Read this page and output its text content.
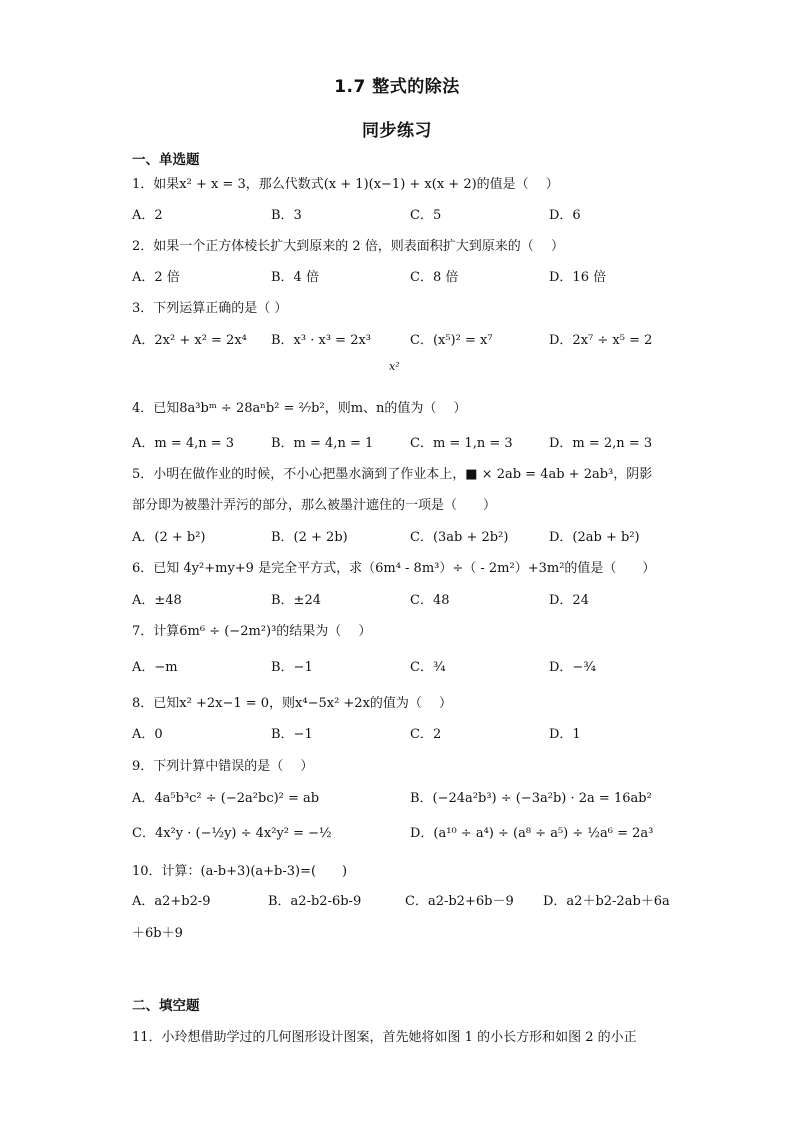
1.7 整式的除法
同步练习
一、单选题
1．如果x² + x = 3，那么代数式(x + 1)(x−1) + x(x + 2)的值是（　 ）
A．2	B．3	C．5	D．6
2．如果一个正方体棱长扩大到原来的 2 倍，则表面积扩大到原来的（　 ）
A．2 倍	B．4 倍	C．8 倍	D．16 倍
3．下列运算正确的是（ ）
A．2x² + x² = 2x⁴ B．x³ · x³ = 2x³	C．(x⁵)² = x⁷	D．2x⁷ ÷ x⁵ = 2
x²
4．已知8a³bᵐ ÷ 28aⁿb² = ²⁄₇b²，则m、n的值为（　 ）
A．m = 4,n = 3	B．m = 4,n = 1	C．m = 1,n = 3	D．m = 2,n = 3
5．小明在做作业的时候，不小心把墨水滴到了作业本上，■ × 2ab = 4ab + 2ab³，阴影
部分即为被墨汁弄污的部分，那么被墨汁遮住的一项是（　　）
A．(2 + b²)	B．(2 + 2b)	C．(3ab + 2b²)	D．(2ab + b²)
6．已知 4y²+my+9 是完全平方式，求（6m⁴ - 8m³）÷（ - 2m²）+3m²的值是（　　）
A．±48	B．±24	C．48	D．24
7．计算6m⁶ ÷ (−2m²)³的结果为（　 ）
A．−m	B．−1	C．³⁄₄	D．−³⁄₄
8．已知x² +2x−1 = 0，则x⁴−5x² +2x的值为（　 ）
A．0	B．−1	C．2	D．1
9．下列计算中错误的是（　 ）
A．4a⁵b³c² ÷ (−2a²bc)² = ab	B．(−24a²b³) ÷ (−3a²b) · 2a = 16ab²
C．4x²y · (−½y) ÷ 4x²y² = −½	D．(a¹⁰ ÷ a⁴) ÷ (a⁸ ÷ a⁵) ÷ ½a⁶ = 2a³
10．计算：(a-b+3)(a+b-3)=(　　)
A．a2+b2-9	B．a2-b2-6b-9	C．a2-b2+6b－9 D．a2＋b2-2ab＋6a
＋6b＋9
二、填空题
11．小玲想借助学过的几何图形设计图案，首先她将如图 1 的小长方形和如图 2 的小正
